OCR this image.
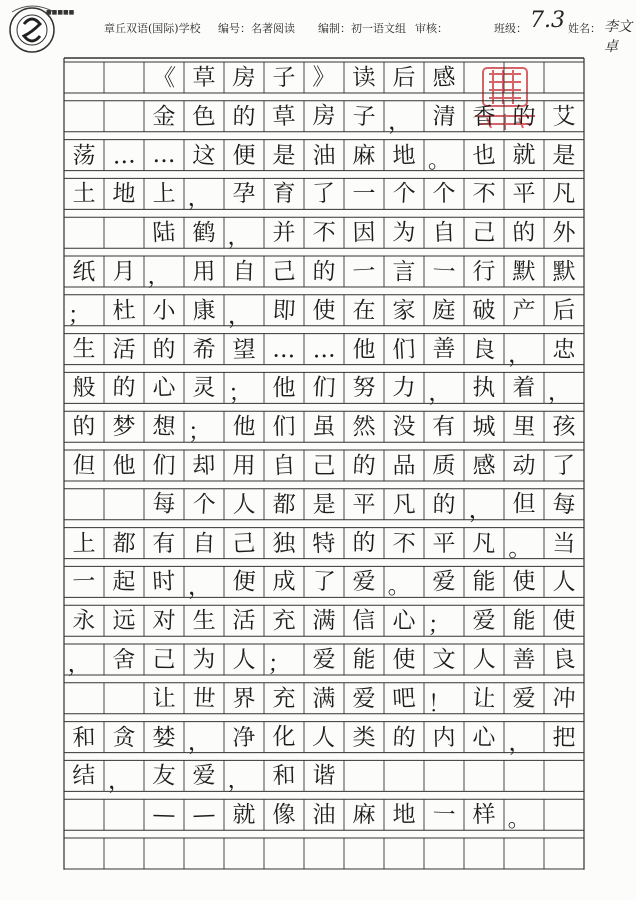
■■■■■
章丘双语(国际)学校 编号：名著阅读 编制：初一语文组 审核：	班级：	姓名：
7.3	李文卓
《 草 房 子 》 读 后 感
金 色 的 草 房 子 ， 清 香 的 艾
荡 … … 这 便 是 油 麻 地 。 也 就 是
土 地 上 ， 孕 育 了 一 个 个 不 平 凡
陆 鹤 ， 并 不 因 为 自 己 的 外
纸 月 ， 用 自 己 的 一 言 一 行 默 默
； 杜 小 康 ， 即 使 在 家 庭 破 产 后
生 活 的 希 望 … … 他 们 善 良 ， 忠
般 的 心 灵 ； 他 们 努 力 ， 执 着 ，
的 梦 想 ； 他 们 虽 然 没 有 城 里 孩
但 他 们 却 用 自 己 的 品 质 感 动 了
每 个 人 都 是 平 凡 的 ， 但 每
上 都 有 自 己 独 特 的 不 平 凡 。 当
一 起 时 ， 便 成 了 爱 。 爱 能 使 人
永 远 对 生 活 充 满 信 心 ； 爱 能 使
， 舍 己 为 人 ； 爱 能 使 文 人 善 良
让 世 界 充 满 爱 吧 ！ 让 爱 冲
和 贪 婪 ， 净 化 人 类 的 内 心 ， 把
结 ， 友 爱 ， 和 谐
— — 就 像 油 麻 地 一 样 。
